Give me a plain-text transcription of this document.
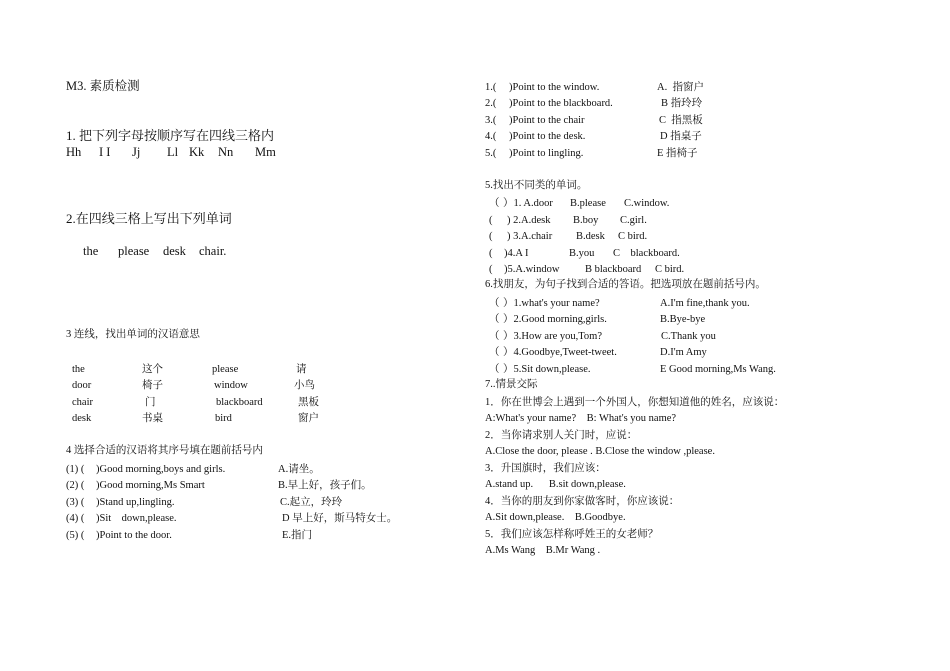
M3. 素质检测
1. 把下列字母按顺序写在四线三格内
Hh I I Jj Ll Kk Nn Mm
2.在四线三格上写出下列单词
the please desk chair.
3 连线，找出单词的汉语意思
the	这个	please	请
door	椅子	window	小鸟
chair	门	blackboard	黑板
desk	书桌	bird	窗户
4 选择合适的汉语将其序号填在题前括号内
(1) ( )Good morning,boys and girls.	A.请坐。
(2) ( )Good morning,Ms Smart	B.早上好，孩子们。
(3) ( )Stand up,lingling.	C.起立，玲玲
(4) ( )Sit    down,please.	D 早上好，斯马特女士。
(5) ( )Point to the door.	E.指门
1.( )Point to the window.	A.  指窗户
2.( )Point to the blackboard.	B 指玲玲
3.( )Point to the chair	C  指黑板
4.( )Point to the desk.	D 指桌子
5.( )Point to lingling.	E 指椅子
5.找出不同类的单词。
（ ）1. A.door B.please C.window.
( ) 2.A.desk B.boy C.girl.
( ) 3.A.chair B.desk C bird.
( )4.A I	B.you C    blackboard.
( )5.A.window B blackboard C bird.
6.找朋友，为句子找到合适的答语。把选项放在题前括号内。
（ ）1.what's your name?	A.I'm fine,thank you.
（ ）2.Good morning,girls.	B.Bye-bye
（ ）3.How are you,Tom?	C.Thank you
（ ）4.Goodbye,Tweet-tweet.	D.I'm Amy
（ ）5.Sit down,please.	E Good morning,Ms Wang.
7..情景交际
1．你在世博会上遇到一个外国人，你想知道他的姓名，应该说：
A:What's your name?    B: What's you name?
2．当你请求别人关门时，应说：
A.Close the door, please . B.Close the window ,please.
3．升国旗时，我们应该：
A.stand up.      B.sit down,please.
4．当你的朋友到你家做客时，你应该说：
A.Sit down,please.    B.Goodbye.
5．我们应该怎样称呼姓王的女老师？
A.Ms Wang    B.Mr Wang .
